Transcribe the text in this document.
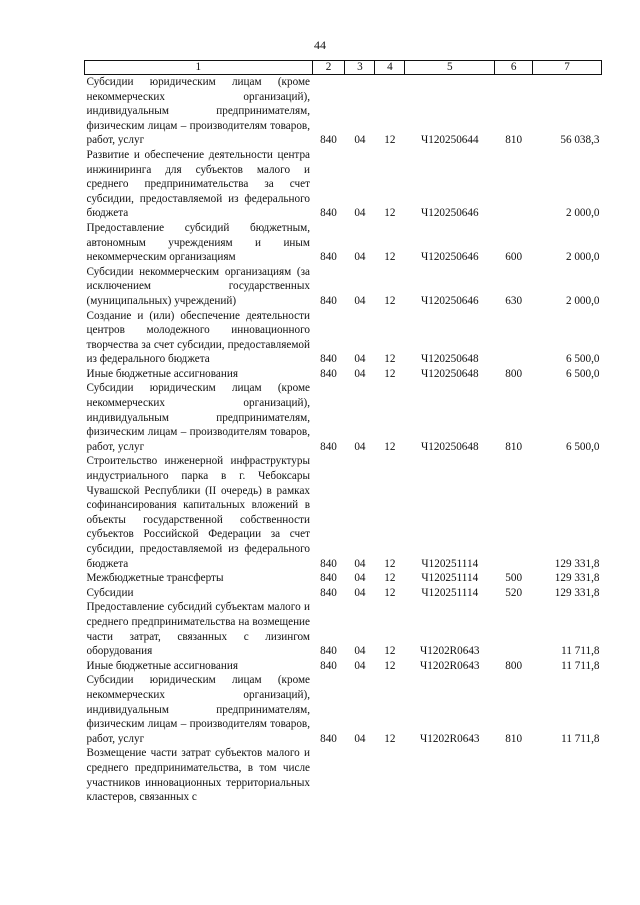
44
1	2	3	4	5	6	7
Субсидии юридическим лицам (кроме некоммерческих организаций), индивидуальным предпринимателям, физическим лицам – производителям товаров, работ, услуг	840	04	12	Ч120250644	810	56 038,3
Развитие и обеспечение деятельности центра инжиниринга для субъектов малого и среднего предпринимательства за счет субсидии, предоставляемой из федерального бюджета	840	04	12	Ч120250646		2 000,0
Предоставление субсидий бюджетным, автономным учреждениям и иным некоммерческим организациям	840	04	12	Ч120250646	600	2 000,0
Субсидии некоммерческим организациям (за исключением государственных (муниципальных) учреждений)	840	04	12	Ч120250646	630	2 000,0
Создание и (или) обеспечение деятельности центров молодежного инновационного творчества за счет субсидии, предоставляемой из федерального бюджета	840	04	12	Ч120250648		6 500,0
Иные бюджетные ассигнования	840	04	12	Ч120250648	800	6 500,0
Субсидии юридическим лицам (кроме некоммерческих организаций), индивидуальным предпринимателям, физическим лицам – производителям товаров, работ, услуг	840	04	12	Ч120250648	810	6 500,0
Строительство инженерной инфраструктуры индустриального парка в г. Чебоксары Чувашской Республики (II очередь) в рамках софинансирования капитальных вложений в объекты государственной собственности субъектов Российской Федерации за счет субсидии, предоставляемой из федерального бюджета	840	04	12	Ч120251114		129 331,8
Межбюджетные трансферты	840	04	12	Ч120251114	500	129 331,8
Субсидии	840	04	12	Ч120251114	520	129 331,8
Предоставление субсидий субъектам малого и среднего предпринимательства на возмещение части затрат, связанных с лизингом оборудования	840	04	12	Ч1202R0643		11 711,8
Иные бюджетные ассигнования	840	04	12	Ч1202R0643	800	11 711,8
Субсидии юридическим лицам (кроме некоммерческих организаций), индивидуальным предпринимателям, физическим лицам – производителям товаров, работ, услуг	840	04	12	Ч1202R0643	810	11 711,8
Возмещение части затрат субъектов малого и среднего предпринимательства, в том числе участников инновационных территориальных кластеров, связанных с						
